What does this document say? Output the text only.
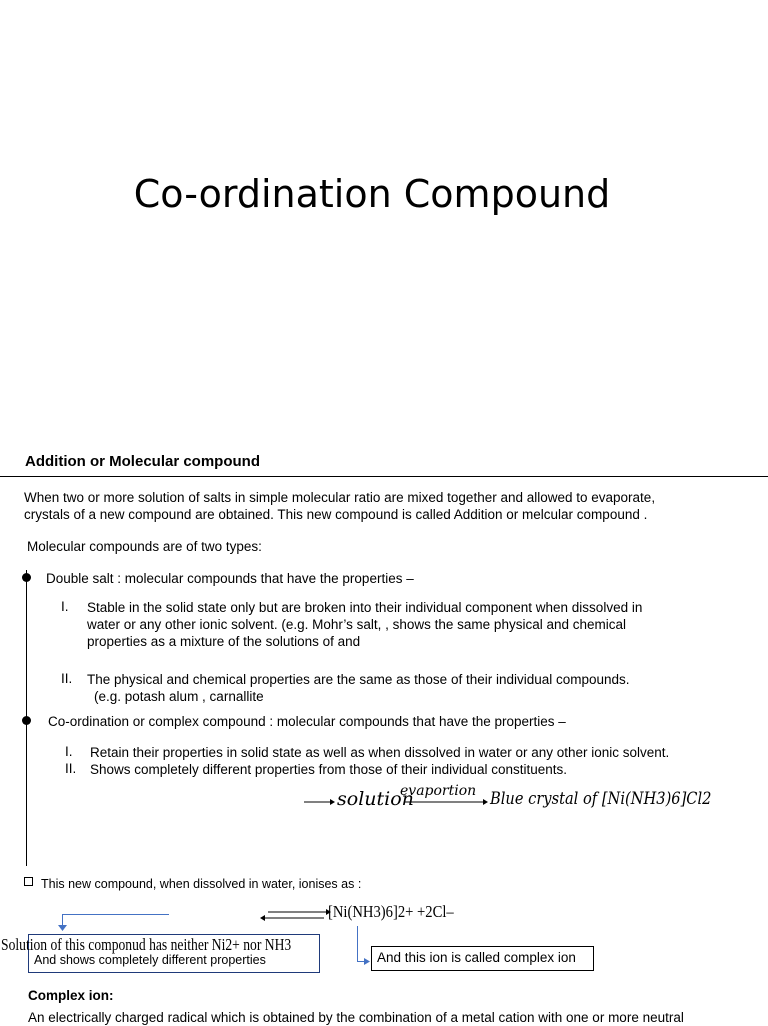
Co-ordination Compound
Addition or Molecular compound
When two or more solution of salts in simple molecular ratio are mixed together and allowed to evaporate,
crystals of a new compound are obtained. This new compound is called Addition or melcular compound .
Molecular compounds are of two types:
Double salt : molecular compounds that have the properties –
I. Stable in the solid state only but are broken into their individual component when dissolved in
water or any other ionic solvent. (e.g. Mohr’s salt, , shows the same physical and chemical
properties as a mixture of the solutions of and
II. The physical and chemical properties are the same as those of their individual compounds.
(e.g. potash alum , carnallite
Co-ordination or complex compound : molecular compounds that have the properties –
I. Retain their properties in solid state as well as when dissolved in water or any other ionic solvent.
II. Shows completely different properties from those of their individual constituents.
solution
evaportion Blue crystal of [Ni(NH3)6]Cl2
This new compound, when dissolved in water, ionises as :
[Ni(NH3)6]2+ +2Cl–
Solution of this componud has neither Ni2+ nor NH3
And shows completely different properties	And this ion is called complex ion
Complex ion:
An electrically charged radical which is obtained by the combination of a metal cation with one or more neutral
